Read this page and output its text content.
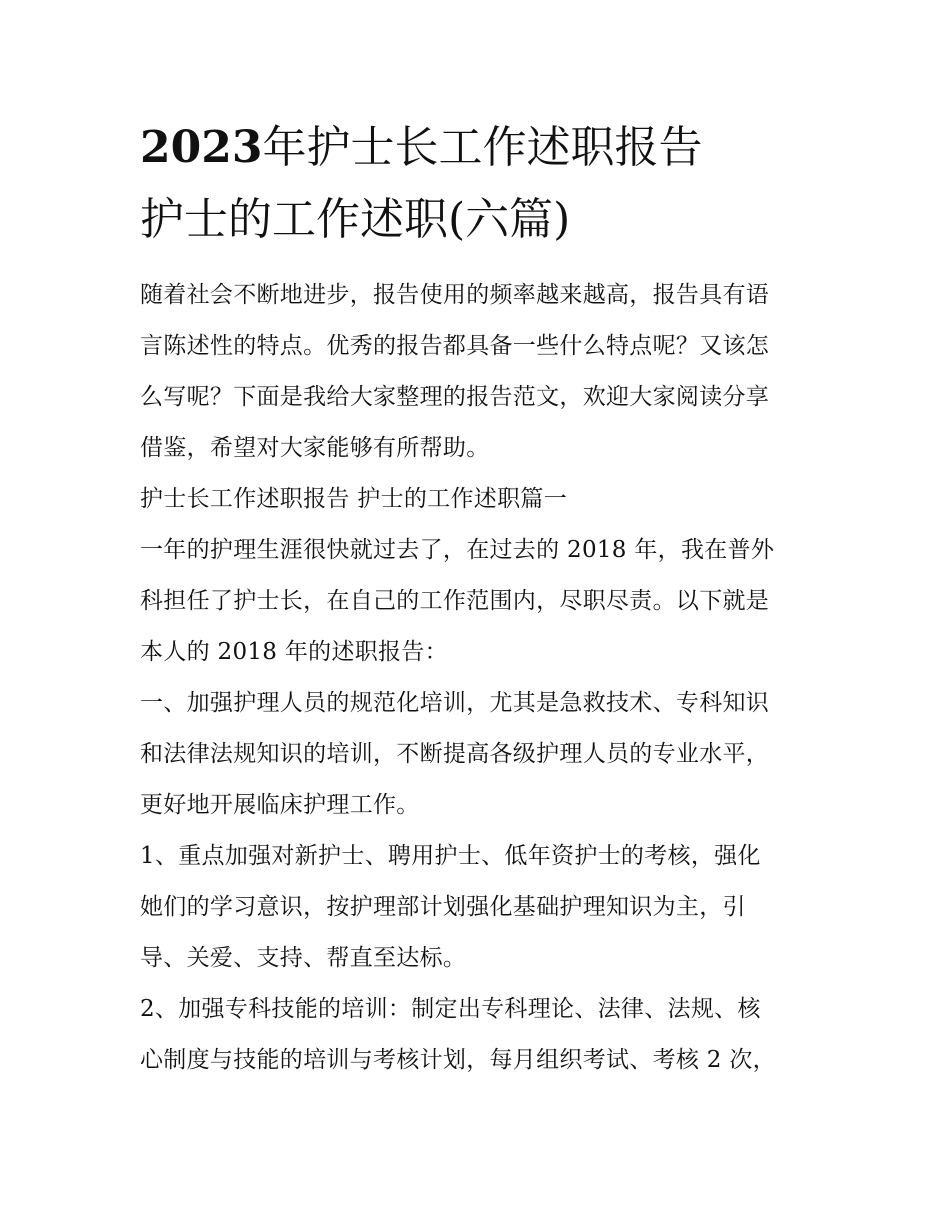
2023年护士长工作述职报告

护士的工作述职(六篇)

随着社会不断地进步，报告使用的频率越来越高，报告具有语

言陈述性的特点。优秀的报告都具备一些什么特点呢？又该怎

么写呢？下面是我给大家整理的报告范文，欢迎大家阅读分享

借鉴，希望对大家能够有所帮助。

护士长工作述职报告 护士的工作述职篇一

一年的护理生涯很快就过去了，在过去的 2018 年，我在普外

科担任了护士长，在自己的工作范围内，尽职尽责。以下就是

本人的 2018 年的述职报告：

一、加强护理人员的规范化培训，尤其是急救技术、专科知识

和法律法规知识的培训，不断提高各级护理人员的专业水平，

更好地开展临床护理工作。

1、重点加强对新护士、聘用护士、低年资护士的考核，强化

她们的学习意识，按护理部计划强化基础护理知识为主，引

导、关爱、支持、帮直至达标。

2、加强专科技能的培训：制定出专科理论、法律、法规、核

心制度与技能的培训与考核计划，每月组织考试、考核 2 次，
